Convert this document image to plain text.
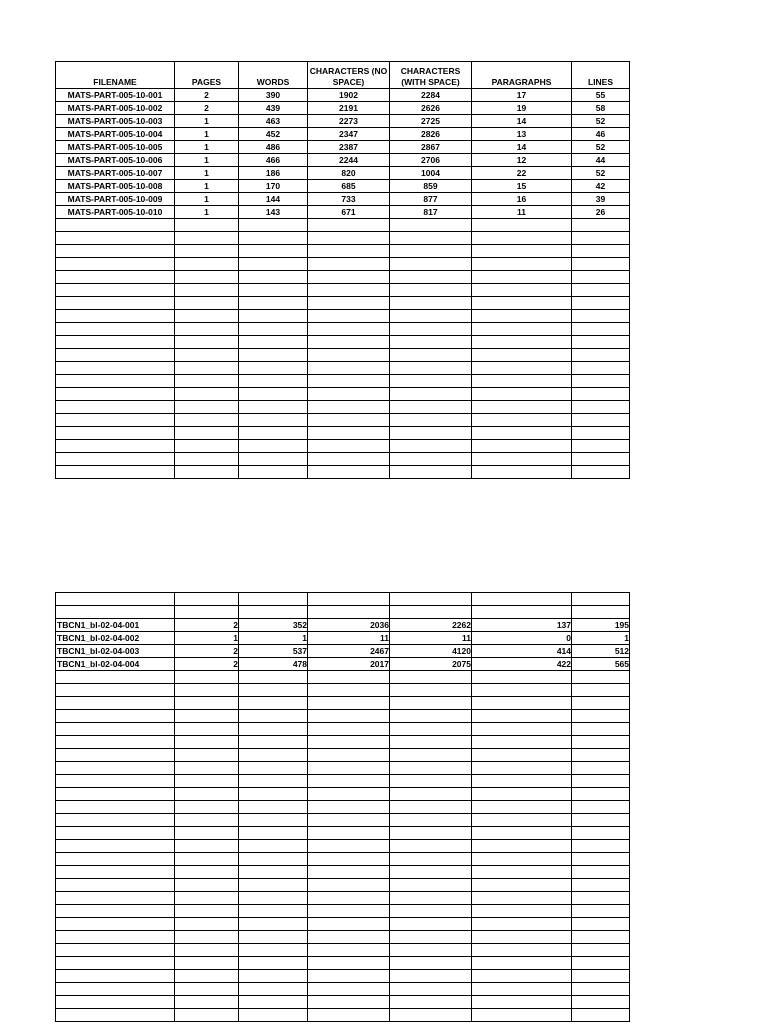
FILENAME	PAGES	WORDS	CHARACTERS (NO SPACE)	CHARACTERS (WITH SPACE)	PARAGRAPHS	LINES
MATS-PART-005-10-001	2	390	1902	2284	17	55
MATS-PART-005-10-002	2	439	2191	2626	19	58
MATS-PART-005-10-003	1	463	2273	2725	14	52
MATS-PART-005-10-004	1	452	2347	2826	13	46
MATS-PART-005-10-005	1	486	2387	2867	14	52
MATS-PART-005-10-006	1	466	2244	2706	12	44
MATS-PART-005-10-007	1	186	820	1004	22	52
MATS-PART-005-10-008	1	170	685	859	15	42
MATS-PART-005-10-009	1	144	733	877	16	39
MATS-PART-005-10-010	1	143	671	817	11	26

TBCN1_bl-02-04-001	2	352	2036	2262	137	195
TBCN1_bl-02-04-002	1	1	11	11	0	1
TBCN1_bl-02-04-003	2	537	2467	4120	414	512
TBCN1_bl-02-04-004	2	478	2017	2075	422	565
